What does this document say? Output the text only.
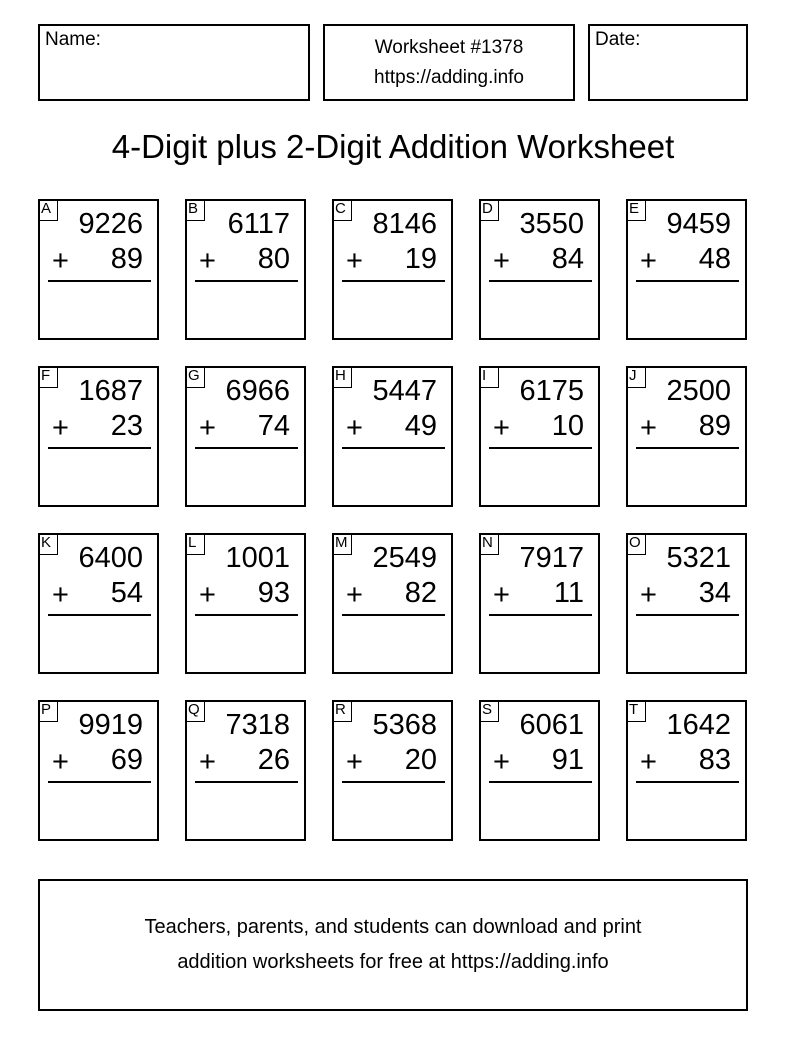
Name:	Worksheet #1378
https://adding.info
Date:
4-Digit plus 2-Digit Addition Worksheet
A 9226
+ 89
B 6117
+ 80
C 8146
+ 19
D 3550
+ 84
E 9459
+ 48
F 1687
+ 23
G 6966
+ 74
H 5447
+ 49
I	6175
+ 10
J	2500
+ 89
K 6400
+ 54
L 1001
+ 93
M 2549
+ 82
N 7917
+ 11
O 5321
+ 34
P 9919
+ 69
Q 7318
+ 26
R 5368
+ 20
S 6061
+ 91
T 1642
+ 83
Teachers, parents, and students can download and print
addition worksheets for free at https://adding.info
